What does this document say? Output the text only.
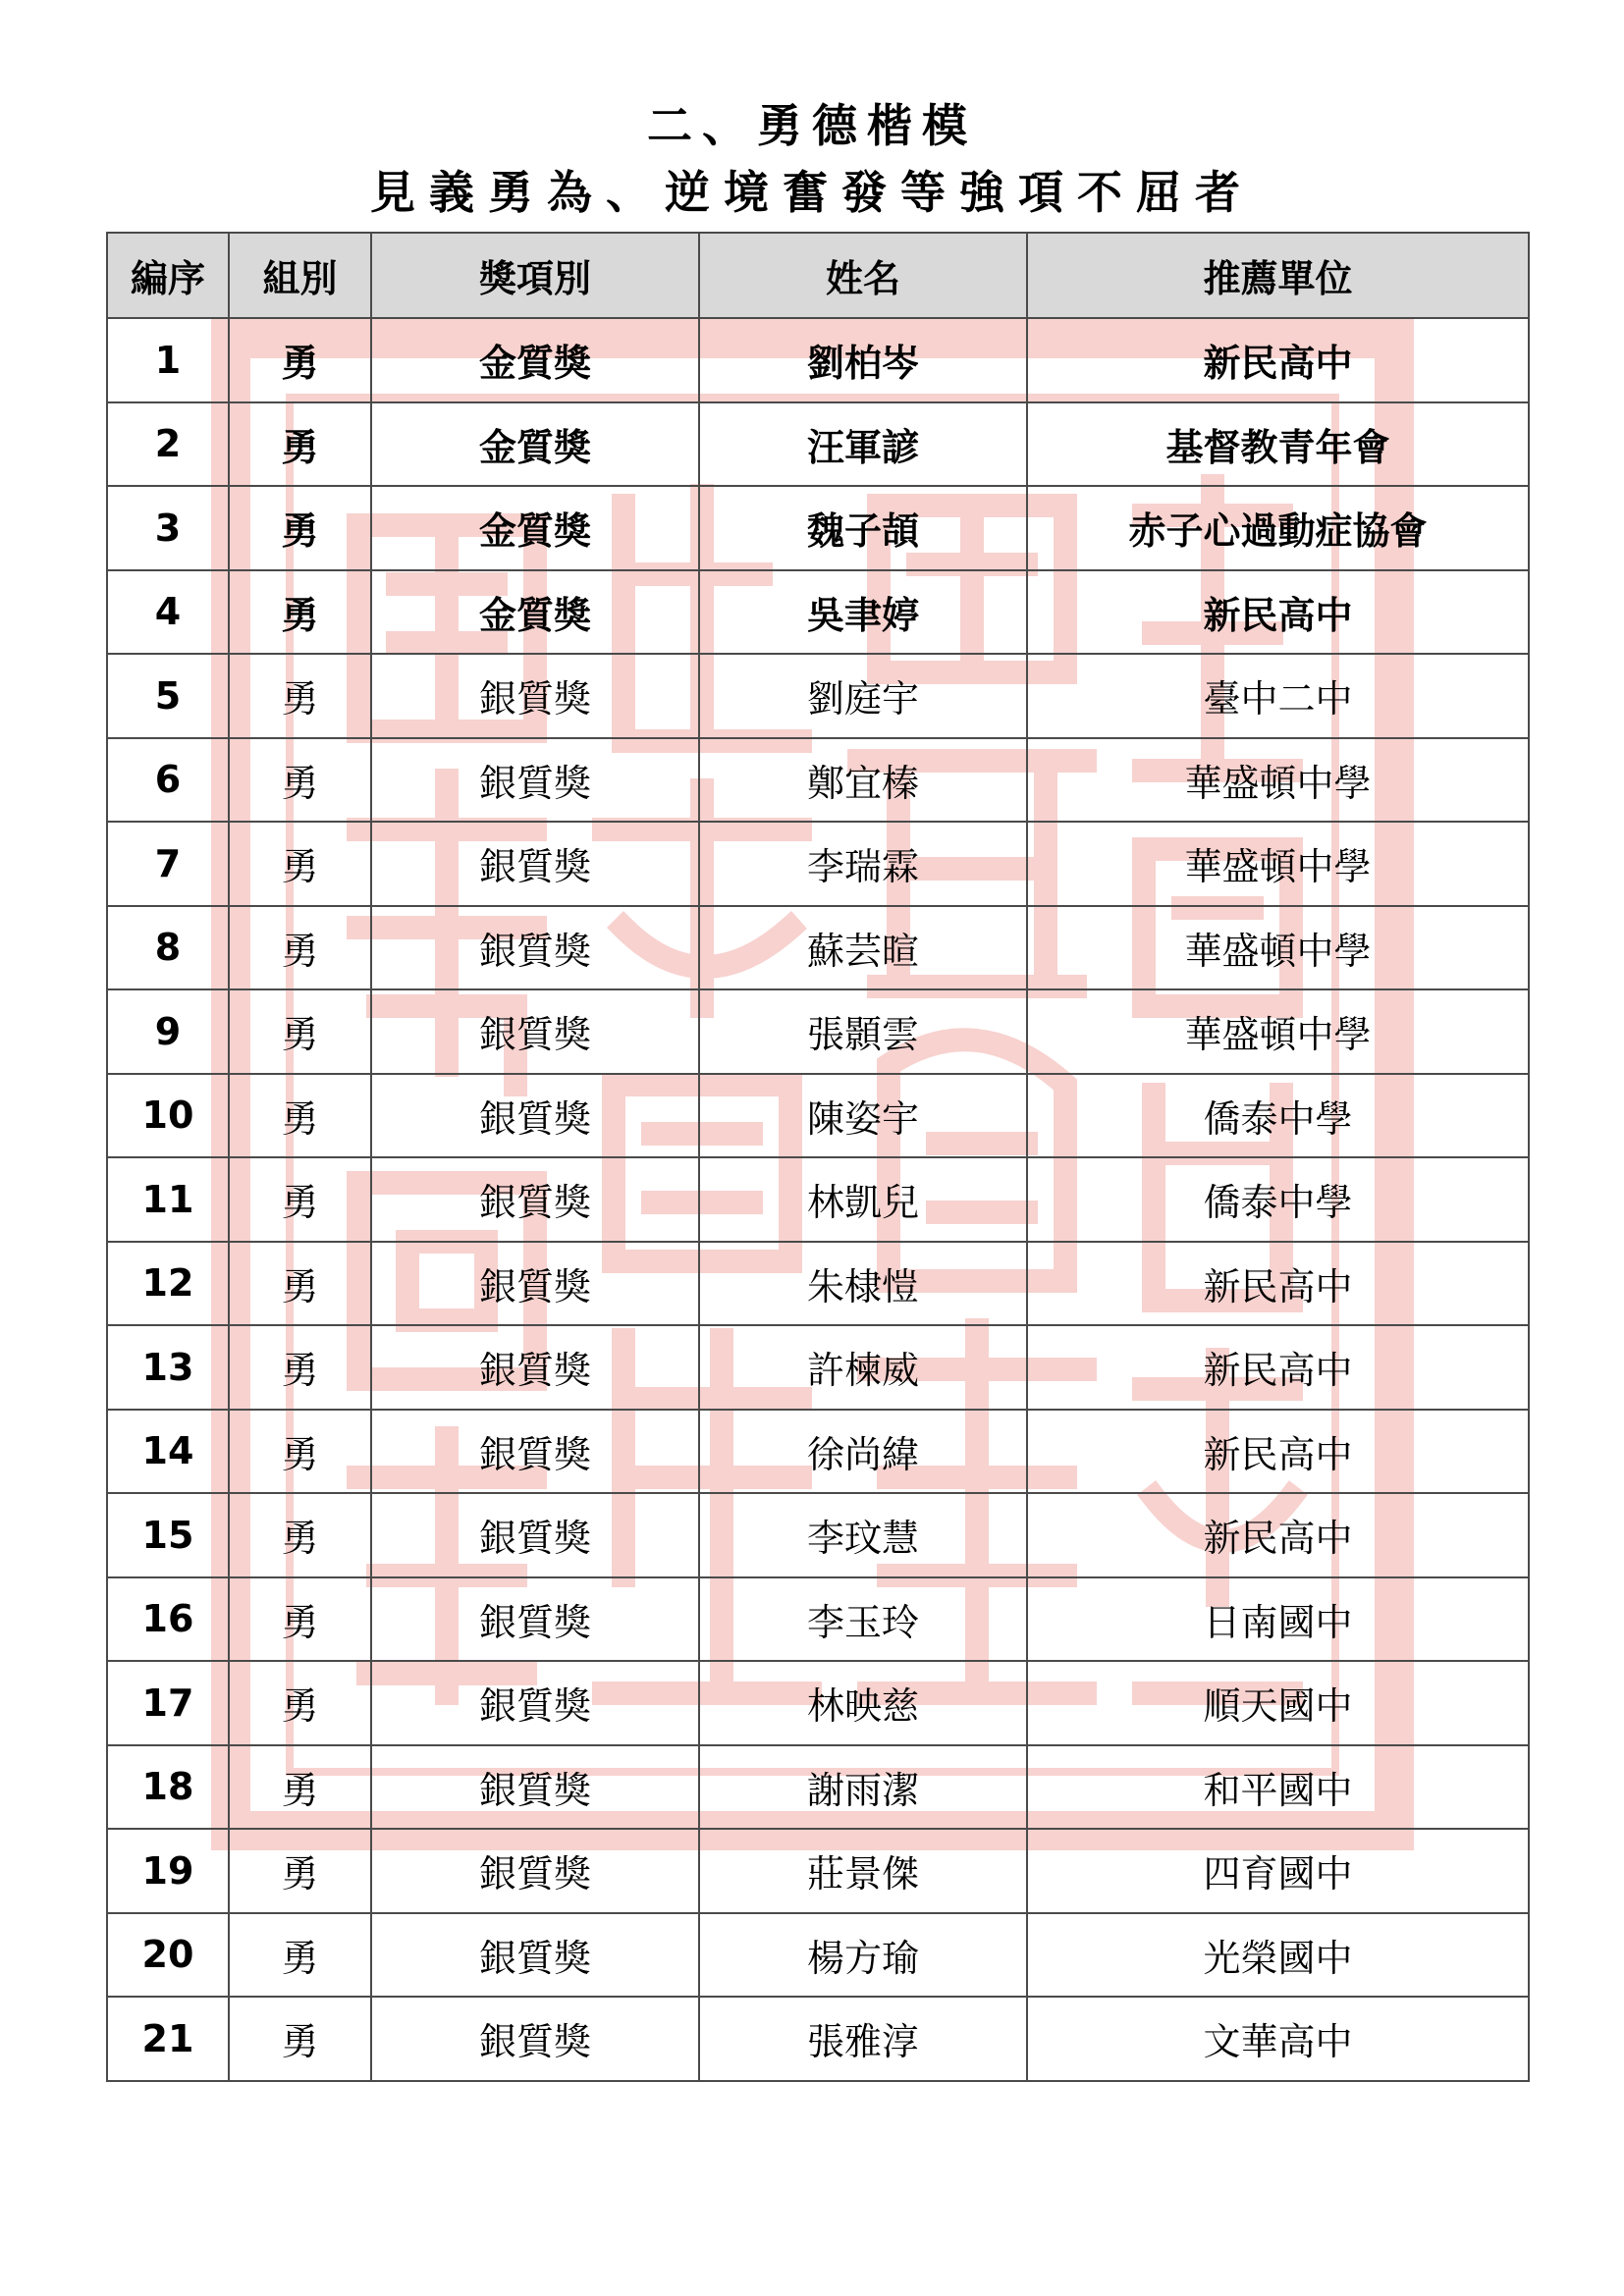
二、勇德楷模
見義勇為、逆境奮發等強項不屈者
編序	組別	獎項別	姓名	推薦單位
1	勇	金質獎	劉柏岑	新民高中
2	勇	金質獎	汪軍諺	基督教青年會
3	勇	金質獎	魏子頡	赤子心過動症協會
4	勇	金質獎	吳聿婷	新民高中
5	勇	銀質獎	劉庭宇	臺中二中
6	勇	銀質獎	鄭宜榛	華盛頓中學
7	勇	銀質獎	李瑞霖	華盛頓中學
8	勇	銀質獎	蘇芸暄	華盛頓中學
9	勇	銀質獎	張顥雲	華盛頓中學
10	勇	銀質獎	陳姿宇	僑泰中學
11	勇	銀質獎	林凱兒	僑泰中學
12	勇	銀質獎	朱棣愷	新民高中
13	勇	銀質獎	許楝威	新民高中
14	勇	銀質獎	徐尚緯	新民高中
15	勇	銀質獎	李玟慧	新民高中
16	勇	銀質獎	李玉玲	日南國中
17	勇	銀質獎	林映慈	順天國中
18	勇	銀質獎	謝雨潔	和平國中
19	勇	銀質獎	莊景傑	四育國中
20	勇	銀質獎	楊方瑜	光榮國中
21	勇	銀質獎	張雅淳	文華高中
